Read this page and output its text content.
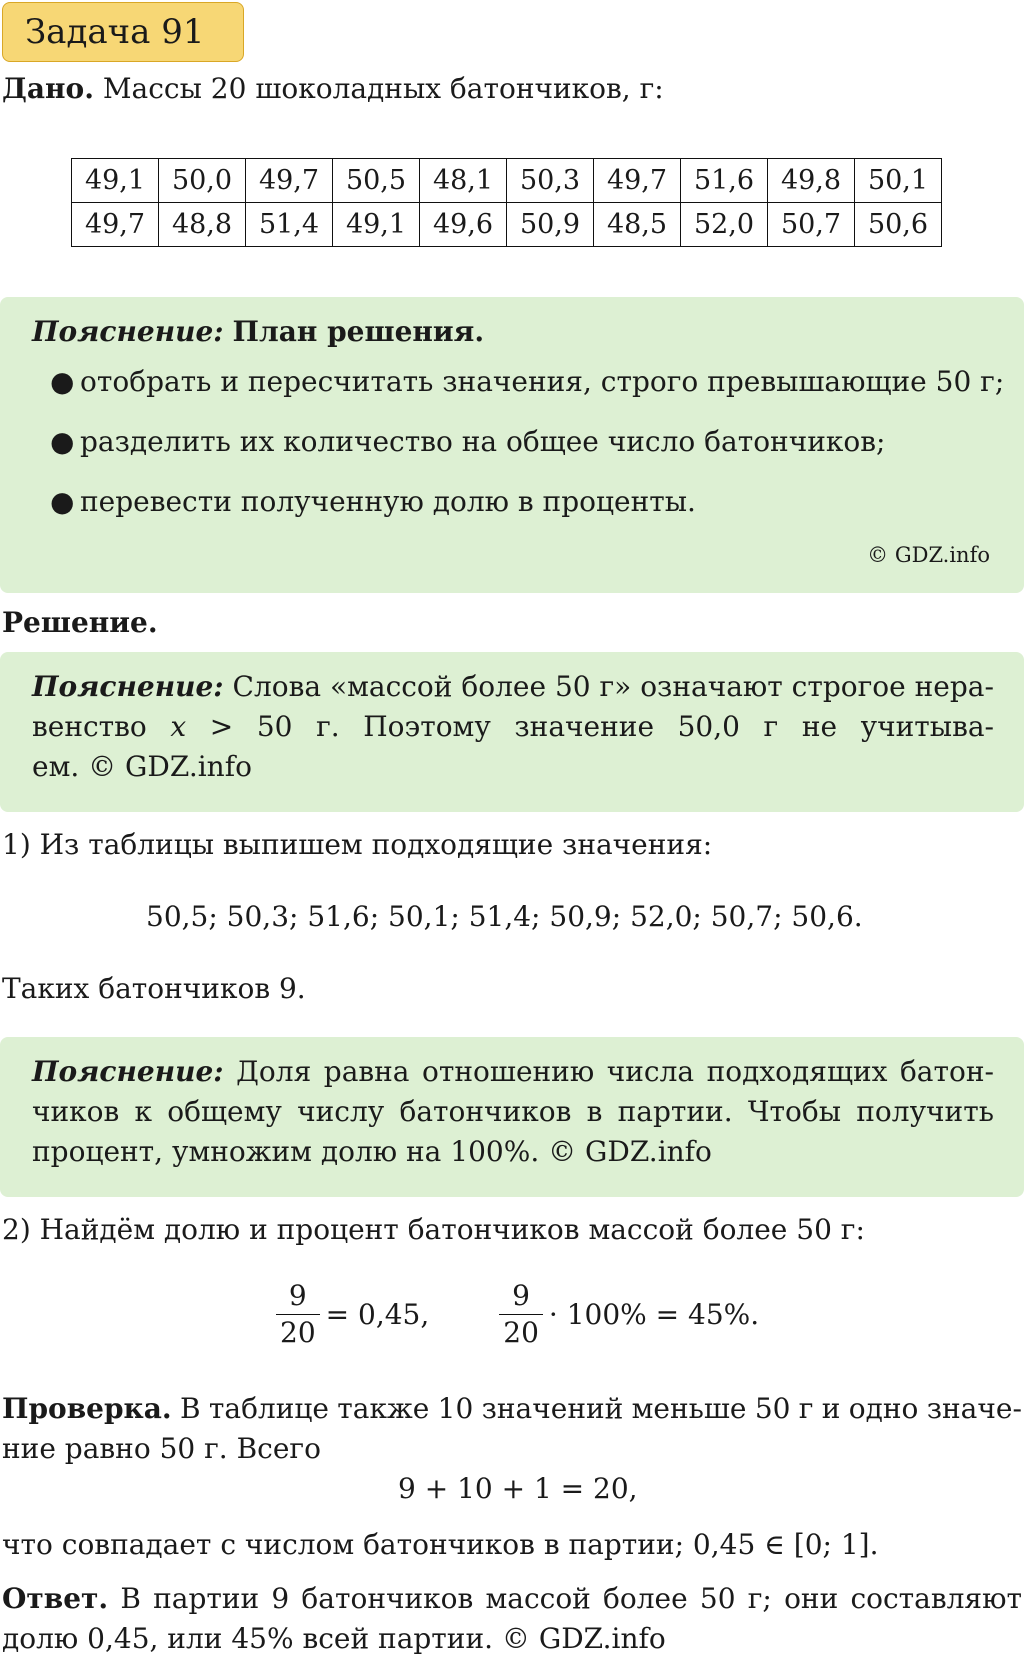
Задача 91
Дано. Массы 20 шоколадных батончиков, г:
49,1	50,0	49,7	50,5	48,1	50,3	49,7	51,6	49,8	50,1
49,7	48,8	51,4	49,1	49,6	50,9	48,5	52,0	50,7	50,6
Пояснение: План решения.
● отобрать и пересчитать значения, строго превышающие 50 г;
● разделить их количество на общее число батончиков;
● перевести полученную долю в проценты.
© GDZ.info
Решение.
Пояснение: Слова «массой более 50 г» означают строгое нера-
венство x > 50 г. Поэтому значение 50,0 г не учитыва-
ем. © GDZ.info
1) Из таблицы выпишем подходящие значения:
50,5; 50,3; 51,6; 50,1; 51,4; 50,9; 52,0; 50,7; 50,6.
Таких батончиков 9.
Пояснение: Доля равна отношению числа подходящих батон-
чиков к общему числу батончиков в партии. Чтобы получить
процент, умножим долю на 100%. © GDZ.info
2) Найдём долю и процент батончиков массой более 50 г:
$\frac{9}{20} = 0,45$,	$\frac{9}{20} \cdot 100\% = 45\%$.
Проверка. В таблице также 10 значений меньше 50 г и одно значе-
ние равно 50 г. Всего
9 + 10 + 1 = 20,
что совпадает с числом батончиков в партии; 0,45 ∈ [0; 1].
Ответ. В партии 9 батончиков массой более 50 г; они составляют
долю 0,45, или 45% всей партии. © GDZ.info
